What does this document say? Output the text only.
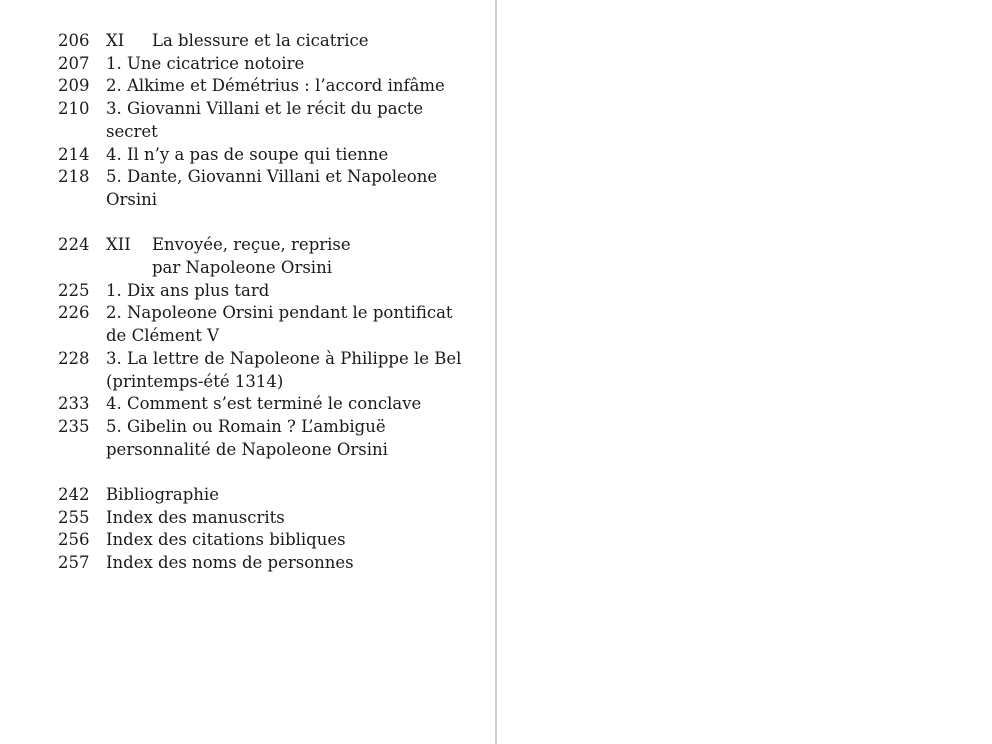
206	XI	La blessure et la cicatrice
207	1. Une cicatrice notoire
209	2. Alkime et Démétrius : l’accord infâme
210	3. Giovanni Villani et le récit du pacte secret
214	4. Il n’y a pas de soupe qui tienne
218	5. Dante, Giovanni Villani et Napoleone
Orsini
224	XII	Envoyée, reçue, reprise
par Napoleone Orsini
225	1. Dix ans plus tard
226	2. Napoleone Orsini pendant le pontificat
de Clément V
228	3. La lettre de Napoleone à Philippe le Bel
(printemps-été 1314)
233	4. Comment s’est terminé le conclave
235	5. Gibelin ou Romain ? L’ambiguë
personnalité de Napoleone Orsini
242	Bibliographie
255	Index des manuscrits
256	Index des citations bibliques
257	Index des noms de personnes
